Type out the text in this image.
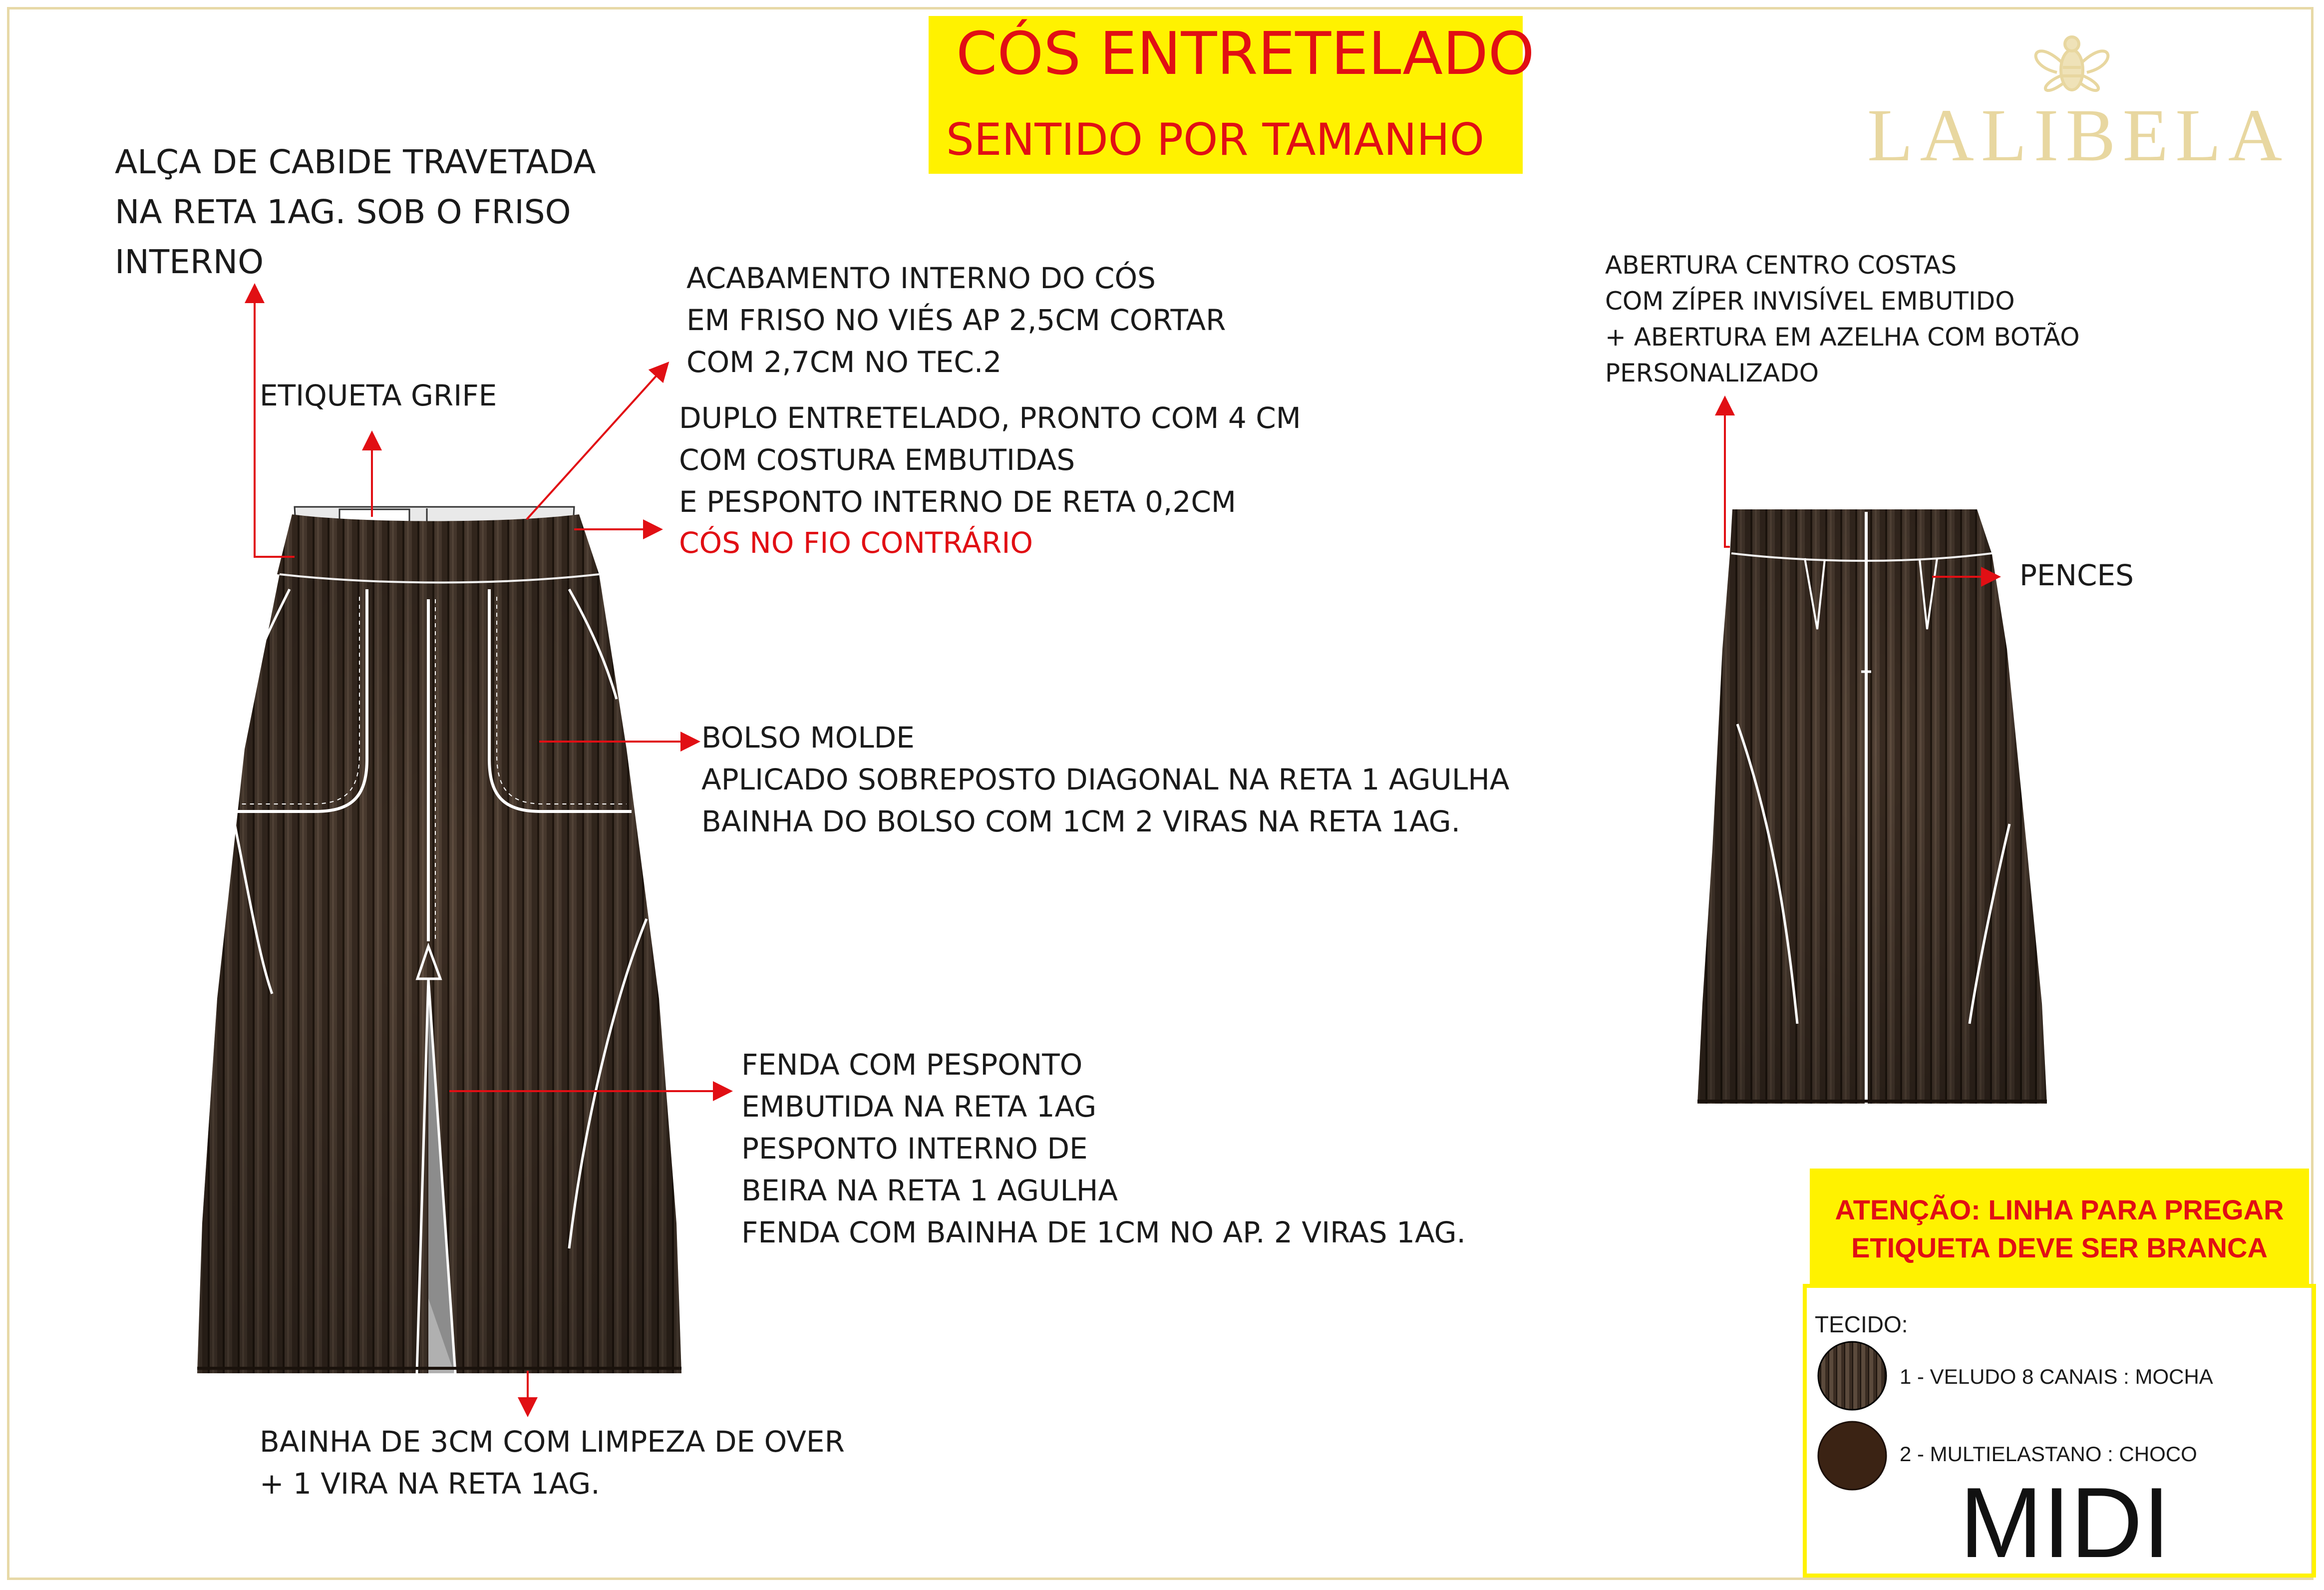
CÓS ENTRETELADO
SENTIDO POR TAMANHO	LALIBELA
ALÇA DE CABIDE TRAVETADA
NA RETA 1AG. SOB O FRISO
INTERNO
ETIQUETA GRIFE
ACABAMENTO INTERNO DO CÓS
EM FRISO NO VIÉS AP 2,5CM CORTAR
COM 2,7CM NO TEC.2
DUPLO ENTRETELADO, PRONTO COM 4 CM
COM COSTURA EMBUTIDAS
E PESPONTO INTERNO DE RETA 0,2CM
CÓS NO FIO CONTRÁRIO
BOLSO MOLDE
APLICADO SOBREPOSTO DIAGONAL NA RETA 1 AGULHA
BAINHA DO BOLSO COM 1CM 2 VIRAS NA RETA 1AG.
FENDA COM PESPONTO
EMBUTIDA NA RETA 1AG
PESPONTO INTERNO DE
BEIRA NA RETA 1 AGULHA
FENDA COM BAINHA DE 1CM NO AP. 2 VIRAS 1AG.
BAINHA DE 3CM COM LIMPEZA DE OVER
+ 1 VIRA NA RETA 1AG.
ABERTURA CENTRO COSTAS
COM ZÍPER INVISÍVEL EMBUTIDO
+ ABERTURA EM AZELHA COM BOTÃO
PERSONALIZADO
PENCES
ATENÇÃO: LINHA PARA PREGAR
ETIQUETA DEVE SER BRANCA
TECIDO:
1 - VELUDO 8 CANAIS : MOCHA
2 - MULTIELASTANO : CHOCO
MIDI
